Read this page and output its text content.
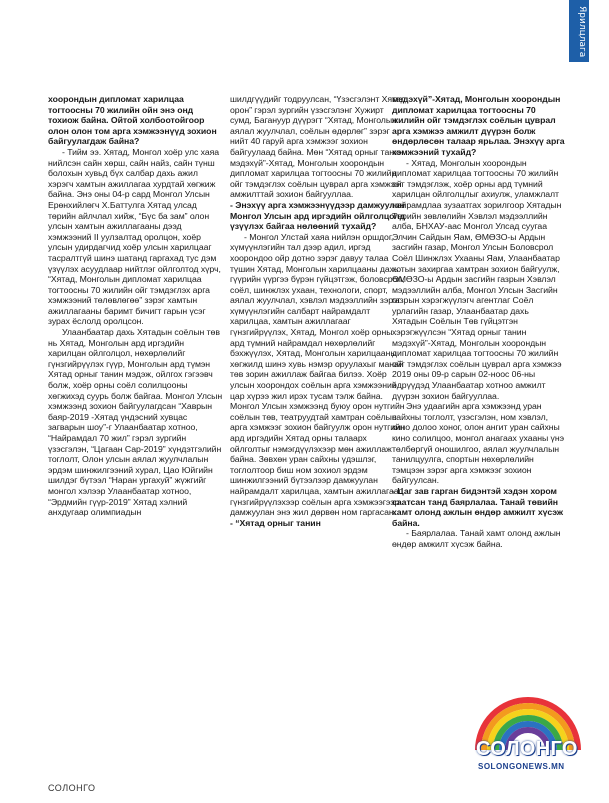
Ярилцлага

хоорондын дипломат харилцаа тогтоосны 70 жилийн ойн энэ онд тохиож байна. Ойтой холбоотойгоор олон олон том арга хэмжээнүүд зохион байгуулагдаж байна?

- Тийм ээ. Хятад, Монгол хоёр улс хаяа нийлсэн сайн хөрш, сайн найз, сайн түнш болохын хувьд бүх салбар дахь ажил хэрэгч хамтын ажиллагаа хурдтай хөгжиж байна. Энэ оны 04-р сард Монгол Улсын Ерөнхийлөгч Х.Баттулга Хятад улсад төрийн айлчлал хийж, “Бүс ба зам” олон улсын хамтын ажиллагааны дээд хэмжээний II уулзалтад оролцон, хоёр улсын удирдагчид хоёр улсын харилцааг тасралтгүй шинэ шатанд гаргахад тус дэм үзүүлэх асуудлаар нийтлэг ойлголтод хүрч, “Хятад, Монголын дипломат харилцаа тогтоосны 70 жилийн ойг тэмдэглэх арга хэмжээний төлөвлөгөө” зэрэг хамтын ажиллагааны баримт бичигт гарын үсэг зурах ёслолд оролцсон.

Улаанбаатар дахь Хятадын соёлын төв нь Хятад, Монголын ард иргэдийн харилцан ойлголцол, нөхөрлөлийг гүнзгийрүүлэх гүүр, Монголын ард түмэн Хятад орныг танин мэдэж, ойлгох гэгээвч болж, хоёр орны соёл солилцооны хөгжихэд суурь болж байгаа. Монгол Улсын хэмжээнд зохион байгуулагдсан “Хаврын баяр-2019 -Хятад үндэсний хувцас загварын шоу”-г Улаанбаатар хотноо, “Найрамдал 70 жил” гэрэл зургийн үзэсгэлэн, “Цагаан Сар-2019” хүндэтгэлийн тоглолт, Олон улсын аялал жуулчлалын эрдэм шинжилгээний хурал, Цао Юйгийн шилдэг бүтээл “Наран ургахуй” жүжгийг монгол хэлээр Улаанбаатар хотноо, “Эрдмийн гүүр-2019” Хятад хэлний анхдугаар олимпиадын

шилдгүүдийг тодруулсан, “Үзэсгэлэнт Хятад орон” гэрэл зургийн үзэсгэлэнг Хужирт сумд, Багануур дүүрэгт “Хятад, Монголын аялал жуулчлал, соёлын өдөрлөг” зэрэг нийт 40 гаруй арга хэмжээг зохион байгуулаад байна. Мөн “Хятад орныг танин мэдэхүй”-Хятад, Монголын хоорондын дипломат харилцаа тогтоосны 70 жилийн ойг тэмдэглэх соёлын цуврал арга хэмжээг амжилттай зохион байгууллаа.

- Энэхүү арга хэмжээнүүдээр дамжуулан Монгол Улсын ард иргэдийн ойлголцолд үзүүлэх байгаа нөлөөний тухайд?

- Монгол Улстай хаяа нийлэн оршдог, хүмүүнлэгийн тал дээр адил, иргэд хоорондоо ойр дотно зэрэг давуу талаа түшин Хятад, Монголын харилцааны дахь гүүрийн үүргээ бүрэн гүйцэтгэж, боловсрол, соёл, шинжлэх ухаан, технологи, спорт, аялал жуулчлал, хэвлэл мэдээллийн зэрэг хүмүүнлэгийн салбарт найрамдалт харилцаа, хамтын ажиллагааг гүнзгийрүүлэх, Хятад, Монгол хоёр орны ард түмний найрамдал нөхөрлөлийг бэхжүүлэх, Хятад, Монголын харилцааны хөгжилд шинэ хувь нэмэр оруулахыг манай төв зорин ажиллаж байгаа билээ. Хоёр улсын хоорондох соёлын арга хэмжээний цар хүрээ жил ирэх тусам тэлж байна. Монгол Улсын хэмжээнд буюу орон нутгийн соёлын төв, театруудтай хамтран соёлын арга хэмжээг зохион байгуулж орон нутгийн ард иргэдийн Хятад орны талаарх ойлголтыг нэмэгдүүлэхээр мөн ажиллаж байна. Зөвхөн уран сайхны үдэшлэг, тоглолтоор биш ном зохиол эрдэм шинжилгээний бүтээлээр дамжуулан найрамдалт харилцаа, хамтын ажиллагааг гүнзгийрүүлэхээр соёлын арга хэмжээгээр дамжуулан энэ жил дөрвөн ном гаргасан.

- “Хятад орныг танин

мэдэхүй”-Хятад, Монголын хоорондын дипломат харилцаа тогтоосны 70 жилийн ойг тэмдэглэх соёлын цуврал арга хэмжээ амжилт дүүрэн болж өндөрлөсөн талаар ярьлаа. Энэхүү арга хэмжээний тухайд?

- Хятад, Монголын хоорондын дипломат харилцаа тогтоосны 70 жилийн ойг тэмдэглэж, хоёр орны ард түмний харилцан ойлголцлыг ахиулж, уламжлалт найрамдлаа зузаатгах зорилгоор Хятадын Төрийн зөвлөлийн Хэвлэл мэдээллийн алба, БНХАУ-аас Монгол Улсад суугаа Элчин Сайдын Яам, ӨМӨЗО-ы Ардын засгийн газар, Монгол Улсын Боловсрол Соёл Шинжлэх Ухааны Яам, Улаанбаатар хотын захиргаа хамтран зохион байгуулж, ӨМӨЗО-ы Ардын засгийн газрын Хэвлэл мэдээллийн алба, Монгол Улсын Засгийн газрын хэрэгжүүлэгч агентлаг Соёл урлагийн газар, Улаанбаатар дахь Хятадын Соёлын Төв гүйцэтгэн хэрэгжүүлсэн “Хятад орныг танин мэдэхүй”-Хятад, Монголын хоорондын дипломат харилцаа тогтоосны 70 жилийн ойг тэмдэглэх соёлын цуврал арга хэмжээ 2019 оны 09-р сарын 02-ноос 06-ны өдрүүдэд Улаанбаатар хотноо амжилт дүүрэн зохион байгууллаа.

Энэ удаагийн арга хэмжээнд уран сайхны тоглолт, үзэсгэлэн, ном хэвлэл, кино долоо хоног, олон ангит уран сайхны кино солилцоо, монгол анагаах ухааны үнэ төлбөргүй оношилгоо, аялал жуулчлалын танилцуулга, спортын нөхөрлөлийн тэмцээн зэрэг арга хэмжээг зохион байгуулсан.

- Цаг зав гарган бидэнтэй хэдэн хором саатсан танд баярлалаа. Танай төвийн хамт олонд ажлын өндөр амжилт хүсэж байна.

- Баярлалаа. Танай хамт олонд ажлын өндөр амжилт хүсэж байна.

СОЛОНГО
SOLONGONEWS.MN
СОЛОНГО
